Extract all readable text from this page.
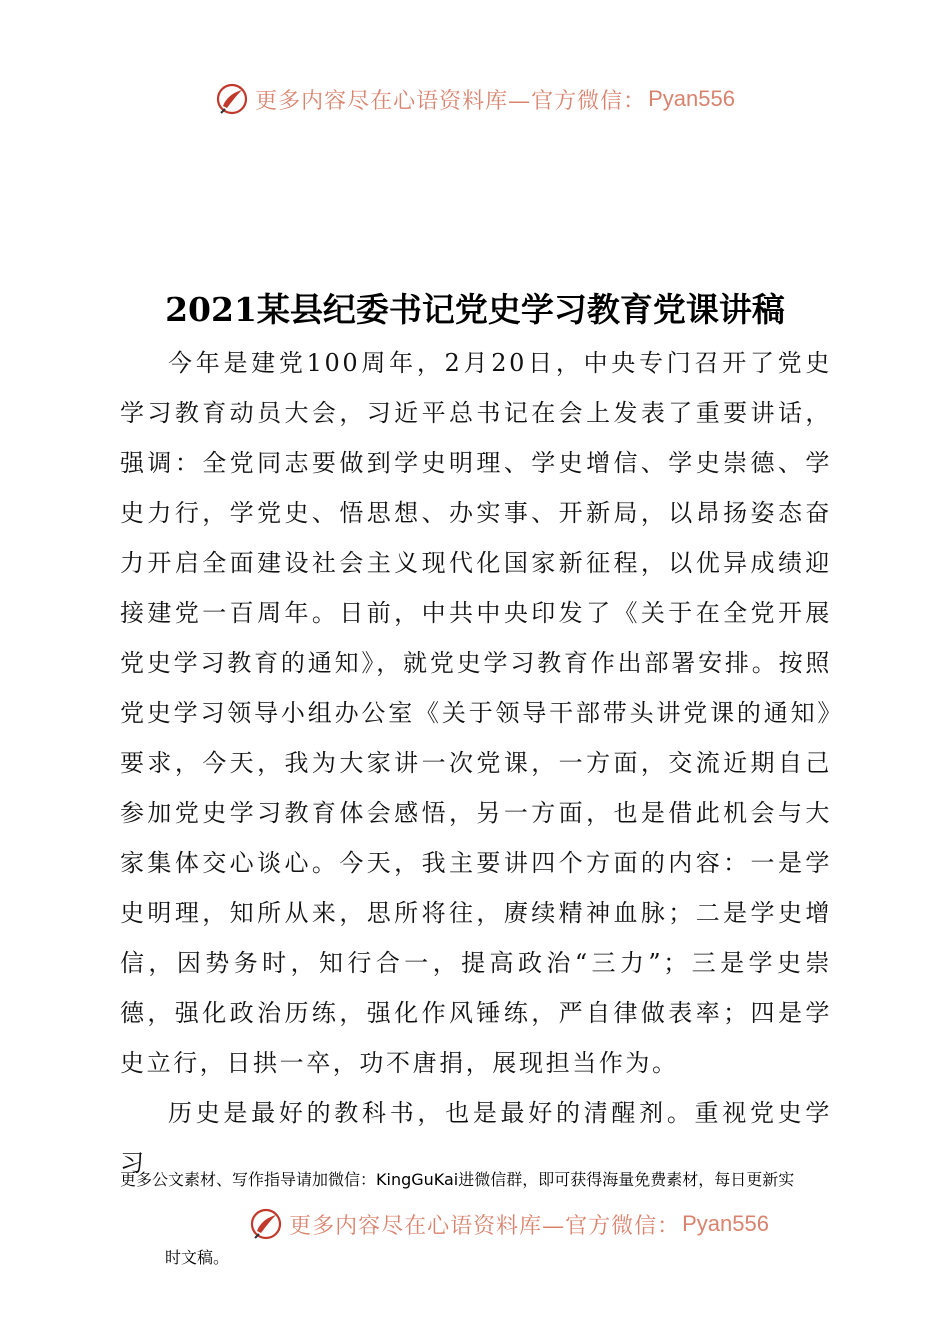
更多内容尽在心语资料库—官方微信： Pyan556
2021某县纪委书记党史学习教育党课讲稿

今年是建党100周年，2月20日，中央专门召开了党史学习教育动员大会，习近平总书记在会上发表了重要讲话，强调：全党同志要做到学史明理、学史增信、学史崇德、学史力行，学党史、悟思想、办实事、开新局，以昂扬姿态奋力开启全面建设社会主义现代化国家新征程，以优异成绩迎接建党一百周年。日前，中共中央印发了《关于在全党开展党史学习教育的通知》，就党史学习教育作出部署安排。按照党史学习领导小组办公室《关于领导干部带头讲党课的通知》要求，今天，我为大家讲一次党课，一方面，交流近期自己参加党史学习教育体会感悟，另一方面，也是借此机会与大家集体交心谈心。今天，我主要讲四个方面的内容：一是学史明理，知所从来，思所将往，赓续精神血脉；二是学史增信，因势务时，知行合一，提高政治“三力”；三是学史崇德，强化政治历练，强化作风锤练，严自律做表率；四是学史立行，日拱一卒，功不唐捐，展现担当作为。

历史是最好的教科书，也是最好的清醒剂。重视党史学习

更多公文素材、写作指导请加微信：KingGuKai进微信群，即可获得海量免费素材，每日更新实
更多内容尽在心语资料库—官方微信： Pyan556
时文稿。
